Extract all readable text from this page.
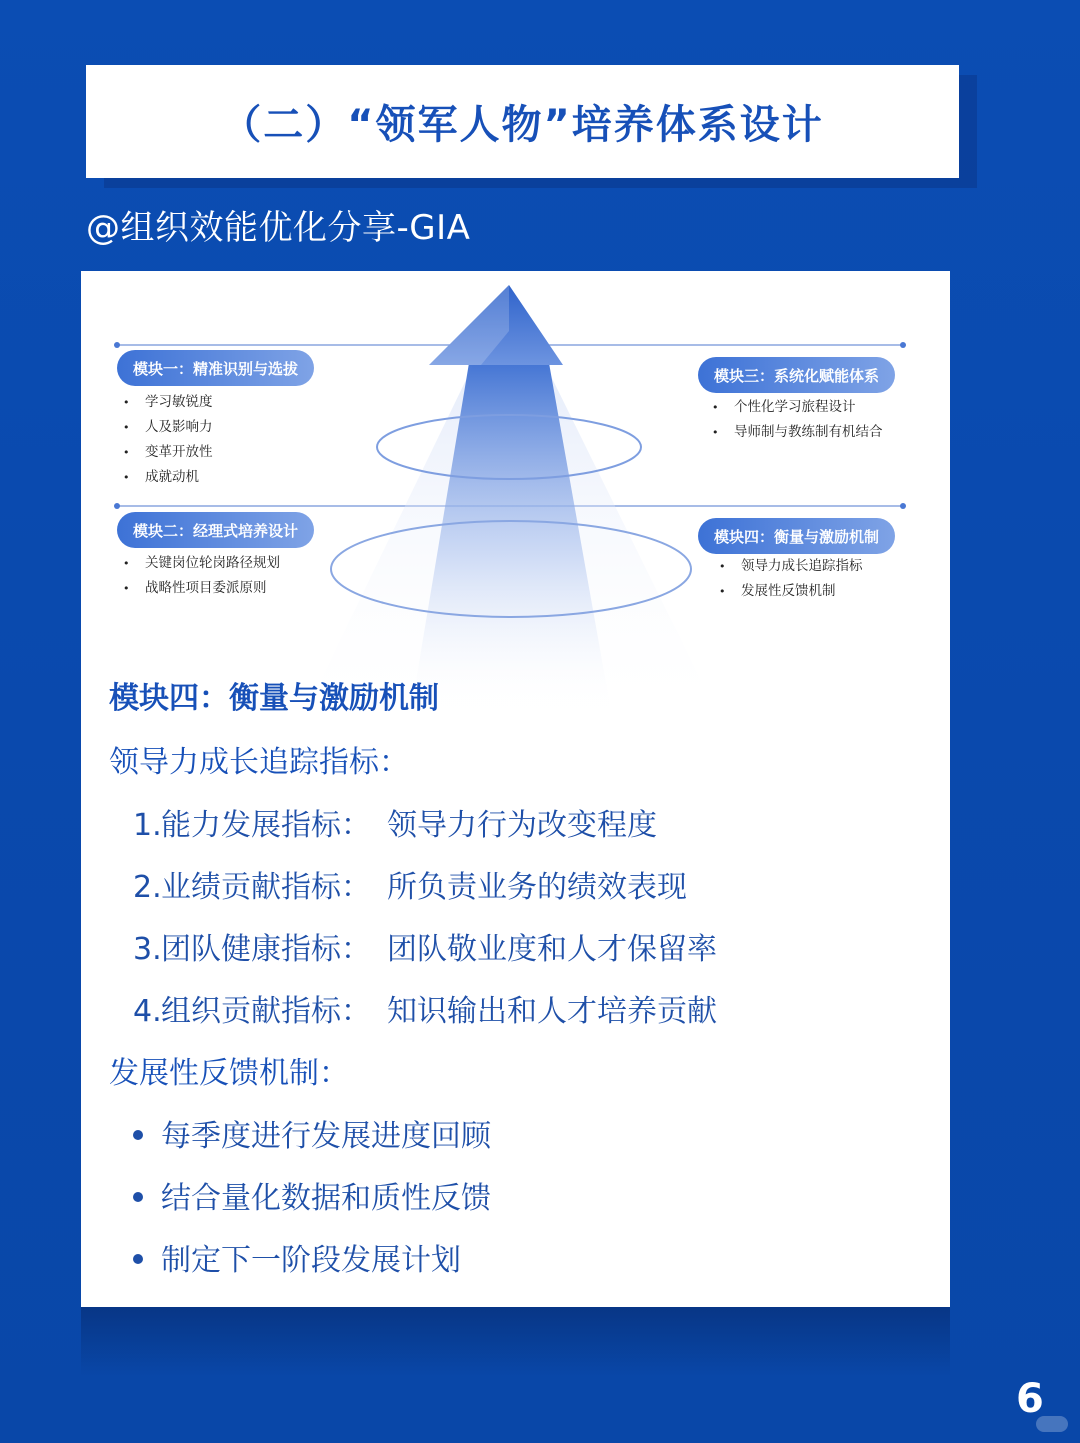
（二）“领军人物”培养体系设计
@组织效能优化分享-GIA
模块一：精准识别与选拔
• 学习敏锐度
• 人及影响力
• 变革开放性
• 成就动机
模块二：经理式培养设计
• 关键岗位轮岗路径规划
• 战略性项目委派原则
模块三：系统化赋能体系
• 个性化学习旅程设计
• 导师制与教练制有机结合
模块四：衡量与激励机制
• 领导力成长追踪指标
• 发展性反馈机制
模块四：衡量与激励机制
领导力成长追踪指标：
1.能力发展指标： 领导力行为改变程度
2.业绩贡献指标： 所负责业务的绩效表现
3.团队健康指标： 团队敬业度和人才保留率
4.组织贡献指标： 知识输出和人才培养贡献
发展性反馈机制：
每季度进行发展进度回顾
结合量化数据和质性反馈
制定下一阶段发展计划
6
